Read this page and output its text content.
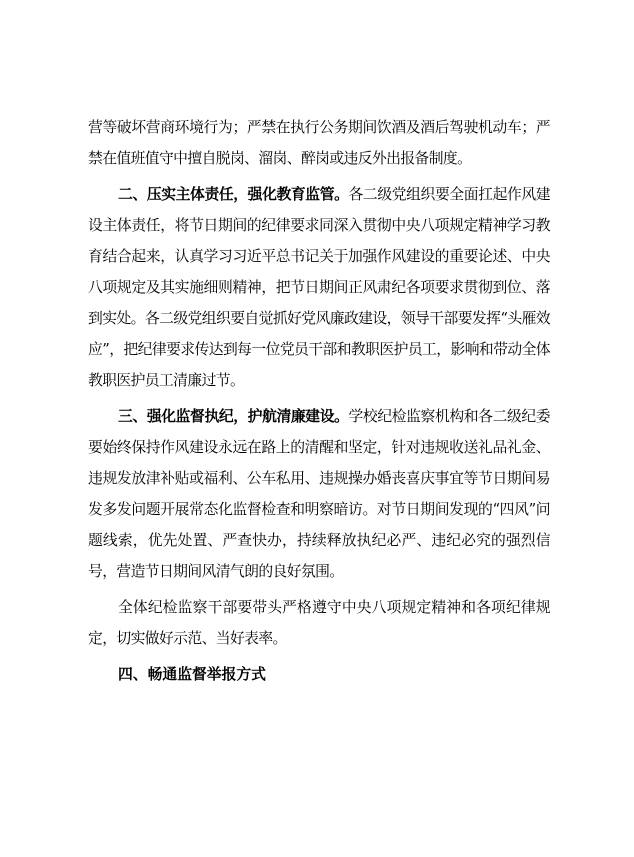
营等破坏营商环境行为；严禁在执行公务期间饮酒及酒后驾驶机动车；严禁在值班值守中擅自脱岗、溜岗、醉岗或违反外出报备制度。

二、压实主体责任，强化教育监管。各二级党组织要全面扛起作风建设主体责任，将节日期间的纪律要求同深入贯彻中央八项规定精神学习教育结合起来，认真学习习近平总书记关于加强作风建设的重要论述、中央八项规定及其实施细则精神，把节日期间正风肃纪各项要求贯彻到位、落到实处。各二级党组织要自觉抓好党风廉政建设，领导干部要发挥“头雁效应”，把纪律要求传达到每一位党员干部和教职医护员工，影响和带动全体教职医护员工清廉过节。

三、强化监督执纪，护航清廉建设。学校纪检监察机构和各二级纪委要始终保持作风建设永远在路上的清醒和坚定，针对违规收送礼品礼金、违规发放津补贴或福利、公车私用、违规操办婚丧喜庆事宜等节日期间易发多发问题开展常态化监督检查和明察暗访。对节日期间发现的“四风”问题线索，优先处置、严查快办，持续释放执纪必严、违纪必究的强烈信号，营造节日期间风清气朗的良好氛围。

全体纪检监察干部要带头严格遵守中央八项规定精神和各项纪律规定，切实做好示范、当好表率。

四、畅通监督举报方式
